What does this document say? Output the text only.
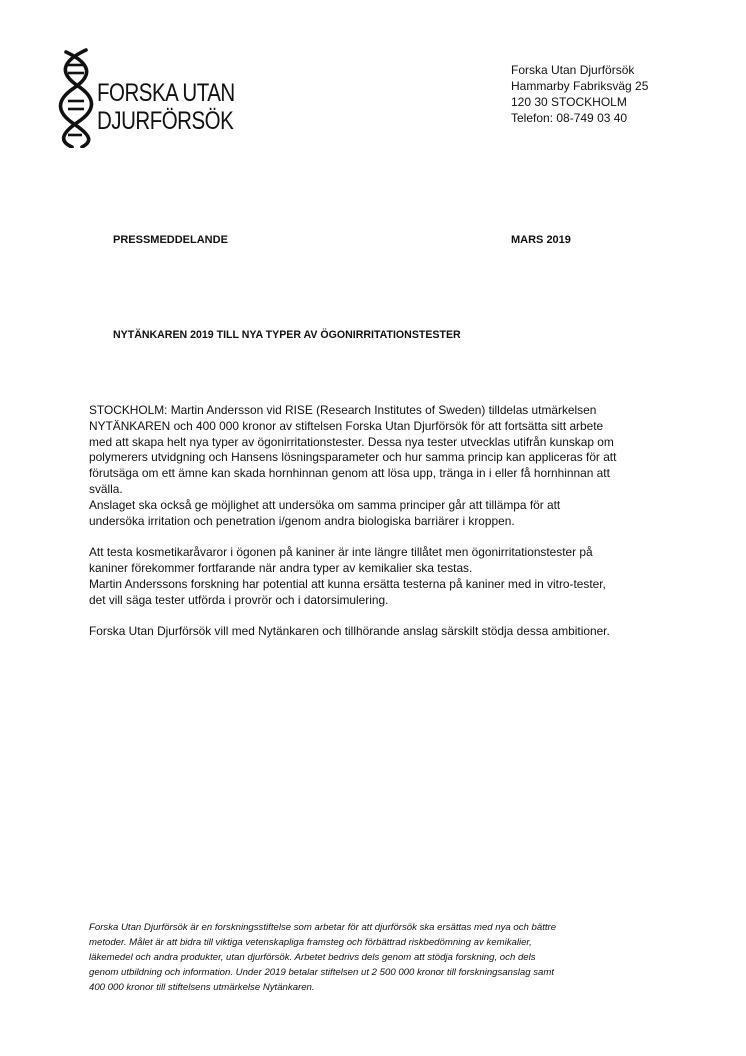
FORSKA UTAN
DJURFÖRSÖK
Forska Utan Djurförsök
Hammarby Fabriksväg 25
120 30 STOCKHOLM
Telefon: 08-749 03 40
PRESSMEDDELANDE	MARS 2019
NYTÄNKAREN 2019 TILL NYA TYPER AV ÖGONIRRITATIONSTESTER
STOCKHOLM: Martin Andersson vid RISE (Research Institutes of Sweden) tilldelas utmärkelsen
NYTÄNKAREN och 400 000 kronor av stiftelsen Forska Utan Djurförsök för att fortsätta sitt arbete
med att skapa helt nya typer av ögonirritationstester. Dessa nya tester utvecklas utifrån kunskap om
polymerers utvidgning och Hansens lösningsparameter och hur samma princip kan appliceras för att
förutsäga om ett ämne kan skada hornhinnan genom att lösa upp, tränga in i eller få hornhinnan att
svälla.
Anslaget ska också ge möjlighet att undersöka om samma principer går att tillämpa för att
undersöka irritation och penetration i/genom andra biologiska barriärer i kroppen.
Att testa kosmetikaråvaror i ögonen på kaniner är inte längre tillåtet men ögonirritationstester på
kaniner förekommer fortfarande när andra typer av kemikalier ska testas.
Martin Anderssons forskning har potential att kunna ersätta testerna på kaniner med in vitro-tester,
det vill säga tester utförda i provrör och i datorsimulering.
Forska Utan Djurförsök vill med Nytänkaren och tillhörande anslag särskilt stödja dessa ambitioner.
Forska Utan Djurförsök är en forskningsstiftelse som arbetar för att djurförsök ska ersättas med nya och bättre
metoder. Målet är att bidra till viktiga vetenskapliga framsteg och förbättrad riskbedömning av kemikalier,
läkemedel och andra produkter, utan djurförsök. Arbetet bedrivs dels genom att stödja forskning, och dels
genom utbildning och information. Under 2019 betalar stiftelsen ut 2 500 000 kronor till forskningsanslag samt
400 000 kronor till stiftelsens utmärkelse Nytänkaren.
